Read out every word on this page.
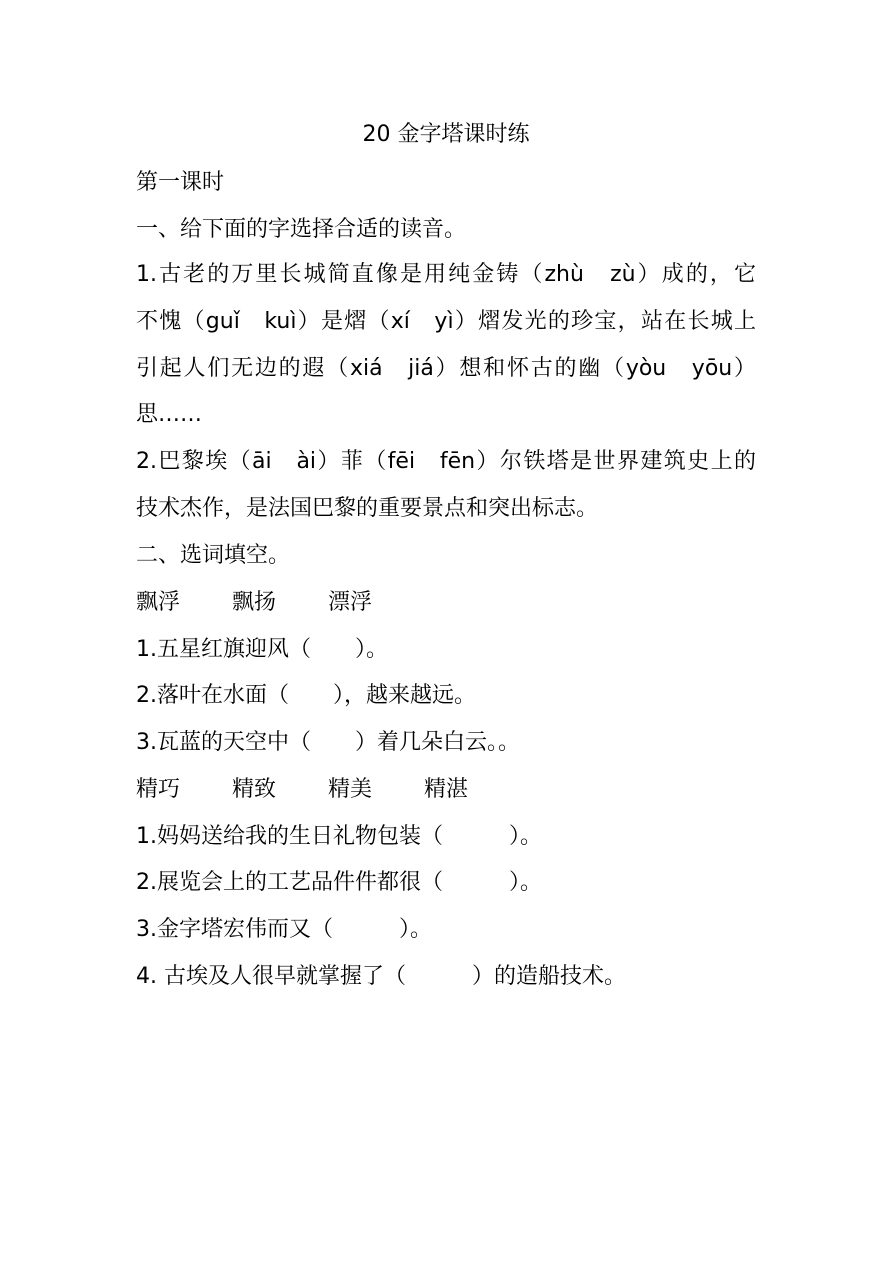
20 金字塔课时练
第一课时
一、给下面的字选择合适的读音。
1.古老的万里长城简直像是用纯金铸（zhù　zù）成的，它
不愧（guǐ　kuì）是熠（xí　yì）熠发光的珍宝，站在长城上
引起人们无边的遐（xiá　jiá）想和怀古的幽（yòu　yōu）
思……
2.巴黎埃（āi　ài）菲（fēi　fēn）尔铁塔是世界建筑史上的
技术杰作，是法国巴黎的重要景点和突出标志。
二、选词填空。
飘浮 飘扬 漂浮
1.五星红旗迎风（　　）。
2.落叶在水面（　　），越来越远。
3.瓦蓝的天空中（　　）着几朵白云。。
精巧 精致 精美 精湛
1.妈妈送给我的生日礼物包装（　　　）。
2.展览会上的工艺品件件都很（　　　）。
3.金字塔宏伟而又（　　　）。
4. 古埃及人很早就掌握了（　　　）的造船技术。
